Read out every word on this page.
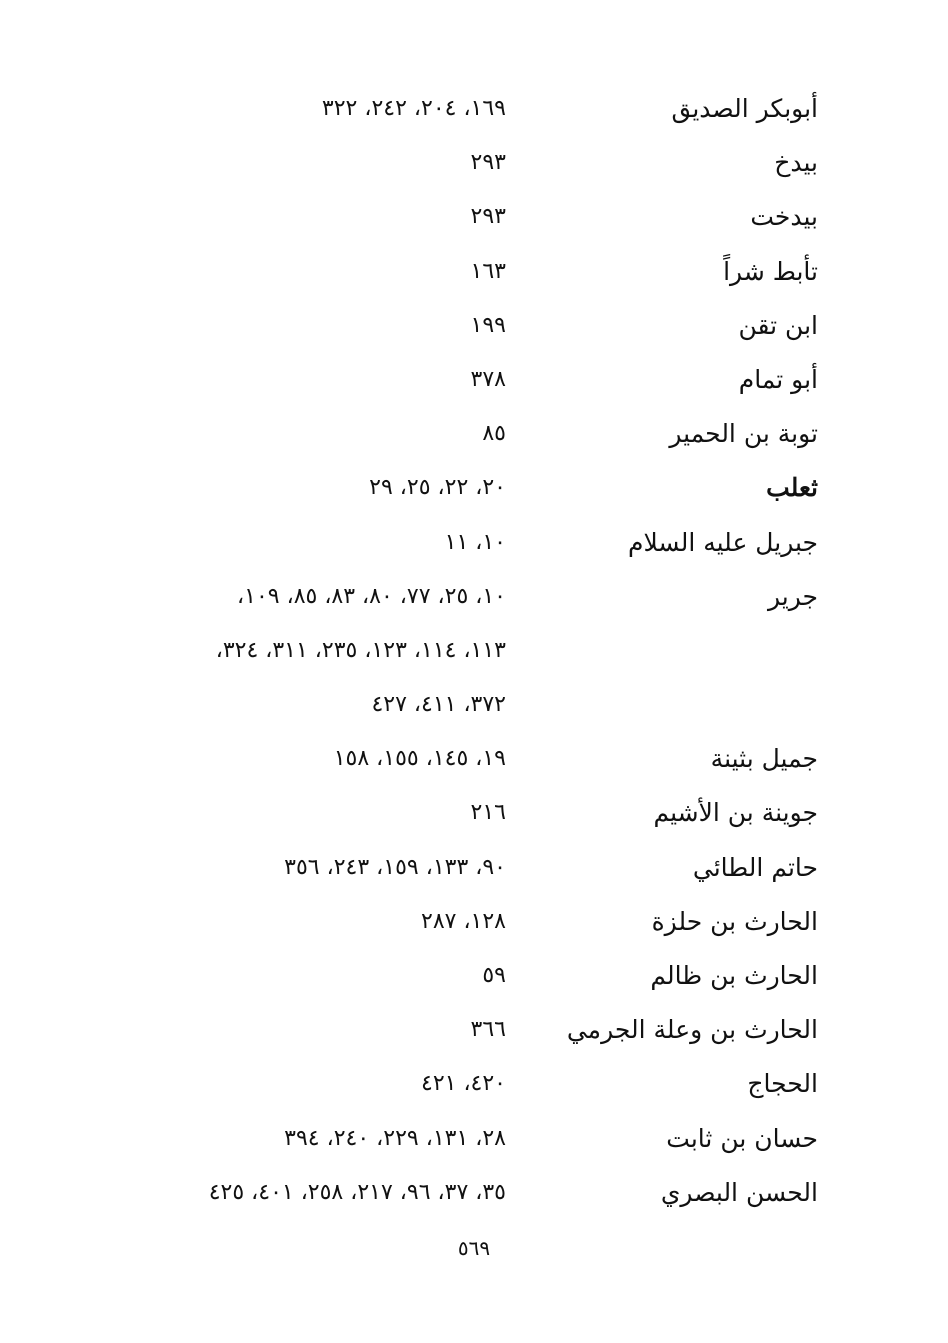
أبوبكر الصديق
١٦٩، ٢٠٤، ٢٤٢، ٣٢٢
بيدخ
٢٩٣
بيدخت
٢٩٣
تأبط شراً
١٦٣
ابن تقن
١٩٩
أبو تمام
٣٧٨
توبة بن الحمير
٨٥
ثعلب
٢٠، ٢٢، ٢٥، ٢٩
جبريل عليه السلام
١٠، ١١
جرير
١٠، ٢٥، ٧٧، ٨٠، ٨٣، ٨٥، ١٠٩،
١١٣، ١١٤، ١٢٣، ٢٣٥، ٣١١، ٣٢٤،
٣٧٢، ٤١١، ٤٢٧
جميل بثينة
١٩، ١٤٥، ١٥٥، ١٥٨
جوينة بن الأشيم
٢١٦
حاتم الطائي
٩٠، ١٣٣، ١٥٩، ٢٤٣، ٣٥٦
الحارث بن حلزة
١٢٨، ٢٨٧
الحارث بن ظالم
٥٩
الحارث بن وعلة الجرمي
٣٦٦
الحجاج
٤٢٠، ٤٢١
حسان بن ثابت
٢٨، ١٣١، ٢٢٩، ٢٤٠، ٣٩٤
الحسن البصري
٣٥، ٣٧، ٩٦، ٢١٧، ٢٥٨، ٤٠١، ٤٢٥
٥٦٩
